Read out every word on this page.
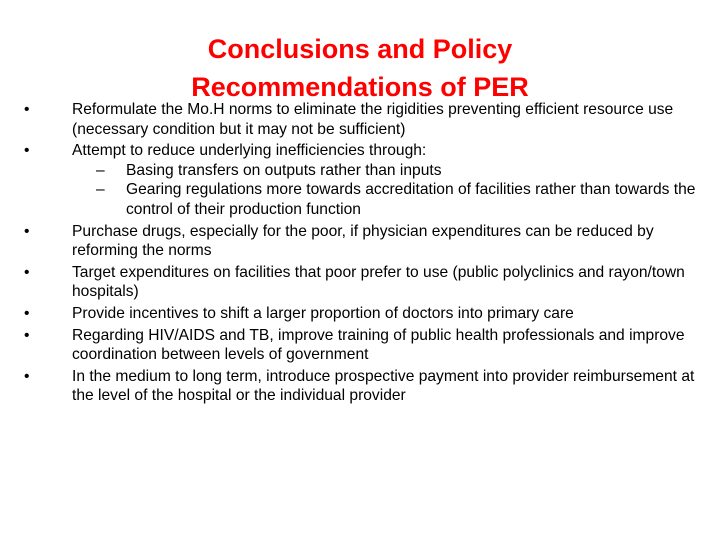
Conclusions and Policy
Recommendations of PER
•	Reformulate the Mo.H norms to eliminate the rigidities preventing efficient resource use (necessary condition but it may not be sufficient)
•	Attempt to reduce underlying inefficiencies through:
–	Basing transfers on outputs rather than inputs
–	Gearing regulations more towards accreditation of facilities rather than towards the control of their production function
•	Purchase drugs, especially for the poor, if physician expenditures can be reduced by reforming the norms
•	Target expenditures on facilities that poor prefer to use (public polyclinics and rayon/town hospitals)
•	Provide incentives to shift a larger proportion of doctors into primary care
•	Regarding HIV/AIDS and TB, improve training of public health professionals and improve coordination between levels of government
•	In the medium to long term, introduce prospective payment into provider reimbursement at the level of the hospital or the individual provider
